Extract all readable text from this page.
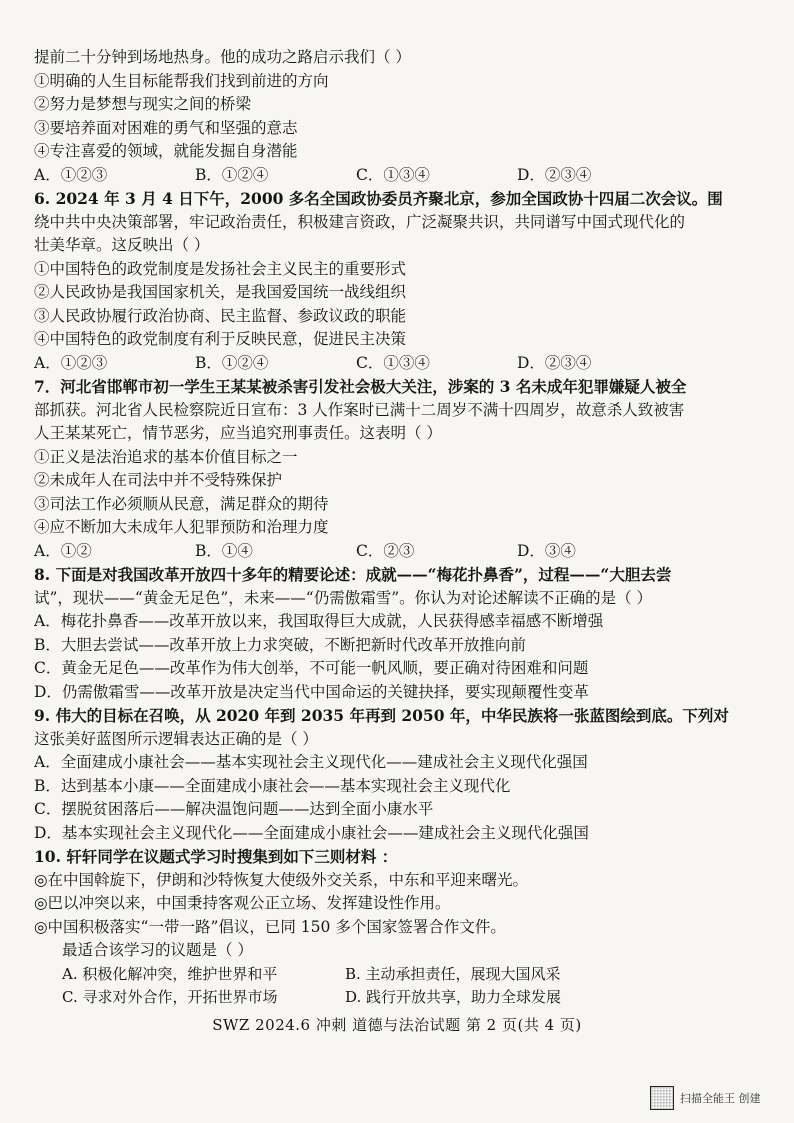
提前二十分钟到场地热身。他的成功之路启示我们（ ）
①明确的人生目标能帮我们找到前进的方向
②努力是梦想与现实之间的桥梁
③要培养面对困难的勇气和坚强的意志
④专注喜爱的领域，就能发掘自身潜能
A．①②③	B．①②④	C．①③④	D．②③④
6. 2024 年 3 月 4 日下午，2000 多名全国政协委员齐聚北京，参加全国政协十四届二次会议。围
绕中共中央决策部署，牢记政治责任，积极建言资政，广泛凝聚共识，共同谱写中国式现代化的
壮美华章。这反映出（ ）
①中国特色的政党制度是发扬社会主义民主的重要形式
②人民政协是我国国家机关，是我国爱国统一战线组织
③人民政协履行政治协商、民主监督、参政议政的职能
④中国特色的政党制度有利于反映民意，促进民主决策
A．①②③	B．①②④	C．①③④	D．②③④
7．河北省邯郸市初一学生王某某被杀害引发社会极大关注，涉案的 3 名未成年犯罪嫌疑人被全
部抓获。河北省人民检察院近日宣布：3 人作案时已满十二周岁不满十四周岁，故意杀人致被害
人王某某死亡，情节恶劣，应当追究刑事责任。这表明（ ）
①正义是法治追求的基本价值目标之一
②未成年人在司法中并不受特殊保护
③司法工作必须顺从民意，满足群众的期待
④应不断加大未成年人犯罪预防和治理力度
A．①②	B．①④	C．②③	D．③④
8. 下面是对我国改革开放四十多年的精要论述：成就——“梅花扑鼻香”，过程——“大胆去尝
试”，现状——“黄金无足色”，未来——“仍需傲霜雪”。你认为对论述解读不正确的是（ ）
A．梅花扑鼻香——改革开放以来，我国取得巨大成就，人民获得感幸福感不断增强
B．大胆去尝试——改革开放上力求突破，不断把新时代改革开放推向前
C．黄金无足色——改革作为伟大创举，不可能一帆风顺，要正确对待困难和问题
D．仍需傲霜雪——改革开放是决定当代中国命运的关键抉择，要实现颠覆性变革
9. 伟大的目标在召唤，从 2020 年到 2035 年再到 2050 年，中华民族将一张蓝图绘到底。下列对
这张美好蓝图所示逻辑表达正确的是（ ）
A．全面建成小康社会——基本实现社会主义现代化——建成社会主义现代化强国
B．达到基本小康——全面建成小康社会——基本实现社会主义现代化
C．摆脱贫困落后——解决温饱问题——达到全面小康水平
D．基本实现社会主义现代化——全面建成小康社会——建成社会主义现代化强国
10. 轩轩同学在议题式学习时搜集到如下三则材料 ：
◎在中国斡旋下，伊朗和沙特恢复大使级外交关系，中东和平迎来曙光。
◎巴以冲突以来，中国秉持客观公正立场、发挥建设性作用。
◎中国积极落实“一带一路”倡议，已同 150 多个国家签署合作文件。
最适合该学习的议题是（ ）
A. 积极化解冲突，维护世界和平	B. 主动承担责任，展现大国风采
C. 寻求对外合作，开拓世界市场	D. 践行开放共享，助力全球发展
SWZ 2024.6 冲刺 道德与法治试题 第 2 页(共 4 页)
扫描全能王 创建
